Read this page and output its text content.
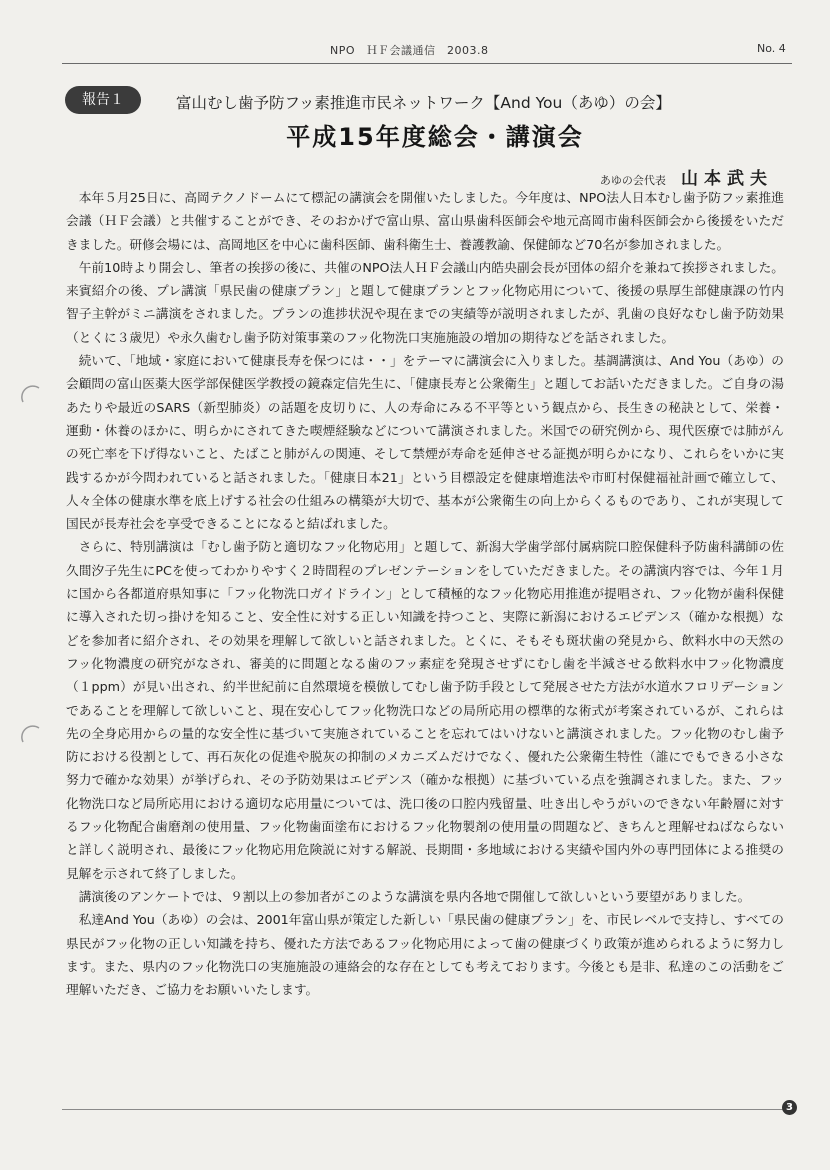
NPO　ＨＦ会議通信　2003.8	No. 4
報告１	富山むし歯予防フッ素推進市民ネットワーク【And You（あゆ）の会】
平成15年度総会・講演会
あゆの会代表 山本武夫

本年５月25日に、高岡テクノドームにて標記の講演会を開催いたしました。今年度は、NPO法人日本むし歯予防フッ素推進会議（ＨＦ会議）と共催することができ、そのおかげで富山県、富山県歯科医師会や地元高岡市歯科医師会から後援をいただきました。研修会場には、高岡地区を中心に歯科医師、歯科衛生士、養護教諭、保健師など70名が参加されました。

午前10時より開会し、筆者の挨拶の後に、共催のNPO法人ＨＦ会議山内皓央副会長が団体の紹介を兼ねて挨拶されました。来賓紹介の後、プレ講演「県民歯の健康プラン」と題して健康プランとフッ化物応用について、後援の県厚生部健康課の竹内智子主幹がミニ講演をされました。プランの進捗状況や現在までの実績等が説明されましたが、乳歯の良好なむし歯予防効果（とくに３歳児）や永久歯むし歯予防対策事業のフッ化物洗口実施施設の増加の期待などを話されました。

続いて、「地域・家庭において健康長寿を保つには・・」をテーマに講演会に入りました。基調講演は、And You（あゆ）の会顧問の富山医薬大医学部保健医学教授の鏡森定信先生に、「健康長寿と公衆衛生」と題してお話いただきました。ご自身の湯あたりや最近のSARS（新型肺炎）の話題を皮切りに、人の寿命にみる不平等という観点から、長生きの秘訣として、栄養・運動・休養のほかに、明らかにされてきた喫煙経験などについて講演されました。米国での研究例から、現代医療では肺がんの死亡率を下げ得ないこと、たばこと肺がんの関連、そして禁煙が寿命を延伸させる証拠が明らかになり、これらをいかに実践するかが今問われていると話されました。「健康日本21」という目標設定を健康増進法や市町村保健福祉計画で確立して、人々全体の健康水準を底上げする社会の仕組みの構築が大切で、基本が公衆衛生の向上からくるものであり、これが実現して国民が長寿社会を享受できることになると結ばれました。

さらに、特別講演は「むし歯予防と適切なフッ化物応用」と題して、新潟大学歯学部付属病院口腔保健科予防歯科講師の佐久間汐子先生にPCを使ってわかりやすく２時間程のプレゼンテーションをしていただきました。その講演内容では、今年１月に国から各都道府県知事に「フッ化物洗口ガイドライン」として積極的なフッ化物応用推進が提唱され、フッ化物が歯科保健に導入された切っ掛けを知ること、安全性に対する正しい知識を持つこと、実際に新潟におけるエビデンス（確かな根拠）などを参加者に紹介され、その効果を理解して欲しいと話されました。とくに、そもそも斑状歯の発見から、飲料水中の天然のフッ化物濃度の研究がなされ、審美的に問題となる歯のフッ素症を発現させずにむし歯を半減させる飲料水中フッ化物濃度（１ppm）が見い出され、約半世紀前に自然環境を模倣してむし歯予防手段として発展させた方法が水道水フロリデーションであることを理解して欲しいこと、現在安心してフッ化物洗口などの局所応用の標準的な術式が考案されているが、これらは先の全身応用からの量的な安全性に基づいて実施されていることを忘れてはいけないと講演されました。フッ化物のむし歯予防における役割として、再石灰化の促進や脱灰の抑制のメカニズムだけでなく、優れた公衆衛生特性（誰にでもできる小さな努力で確かな効果）が挙げられ、その予防効果はエビデンス（確かな根拠）に基づいている点を強調されました。また、フッ化物洗口など局所応用における適切な応用量については、洗口後の口腔内残留量、吐き出しやうがいのできない年齢層に対するフッ化物配合歯磨剤の使用量、フッ化物歯面塗布におけるフッ化物製剤の使用量の問題など、きちんと理解せねばならないと詳しく説明され、最後にフッ化物応用危険説に対する解説、長期間・多地域における実績や国内外の専門団体による推奨の見解を示されて終了しました。

講演後のアンケートでは、９割以上の参加者がこのような講演を県内各地で開催して欲しいという要望がありました。

私達And You（あゆ）の会は、2001年富山県が策定した新しい「県民歯の健康プラン」を、市民レベルで支持し、すべての県民がフッ化物の正しい知識を持ち、優れた方法であるフッ化物応用によって歯の健康づくり政策が進められるように努力します。また、県内のフッ化物洗口の実施施設の連絡会的な存在としても考えております。今後とも是非、私達のこの活動をご理解いただき、ご協力をお願いいたします。

3
